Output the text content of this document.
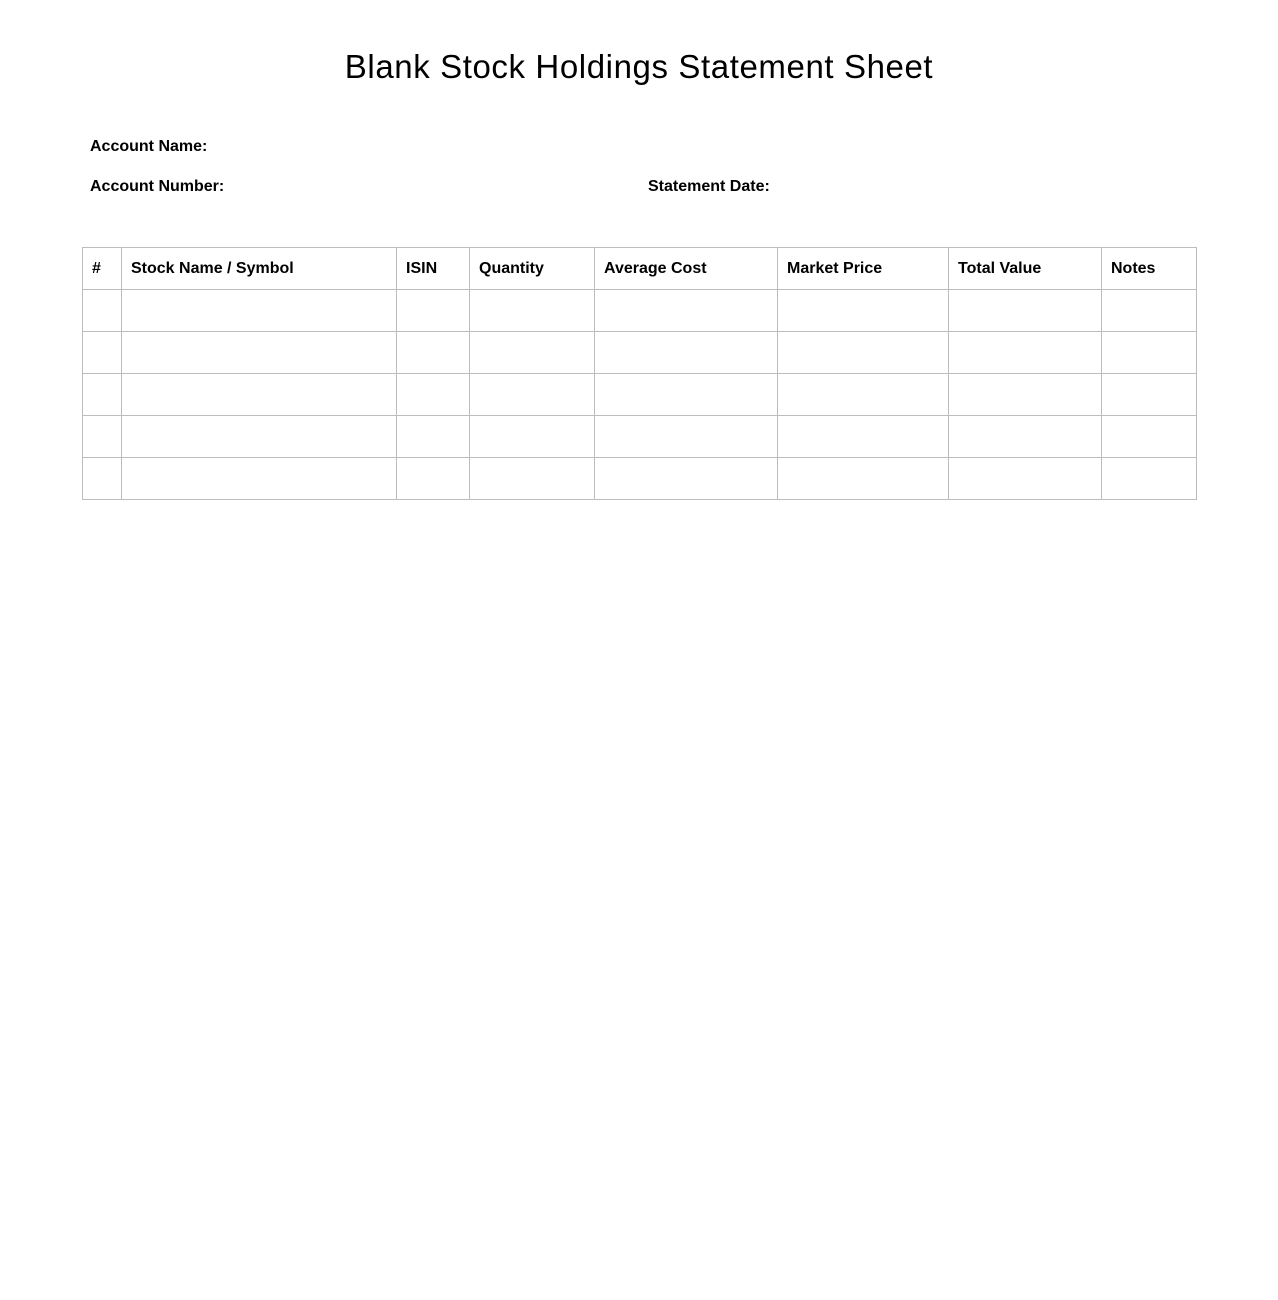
Blank Stock Holdings Statement Sheet
Account Name:
Account Number:	Statement Date:
#	Stock Name / Symbol	ISIN	Quantity	Average Cost	Market Price	Total Value	Notes
